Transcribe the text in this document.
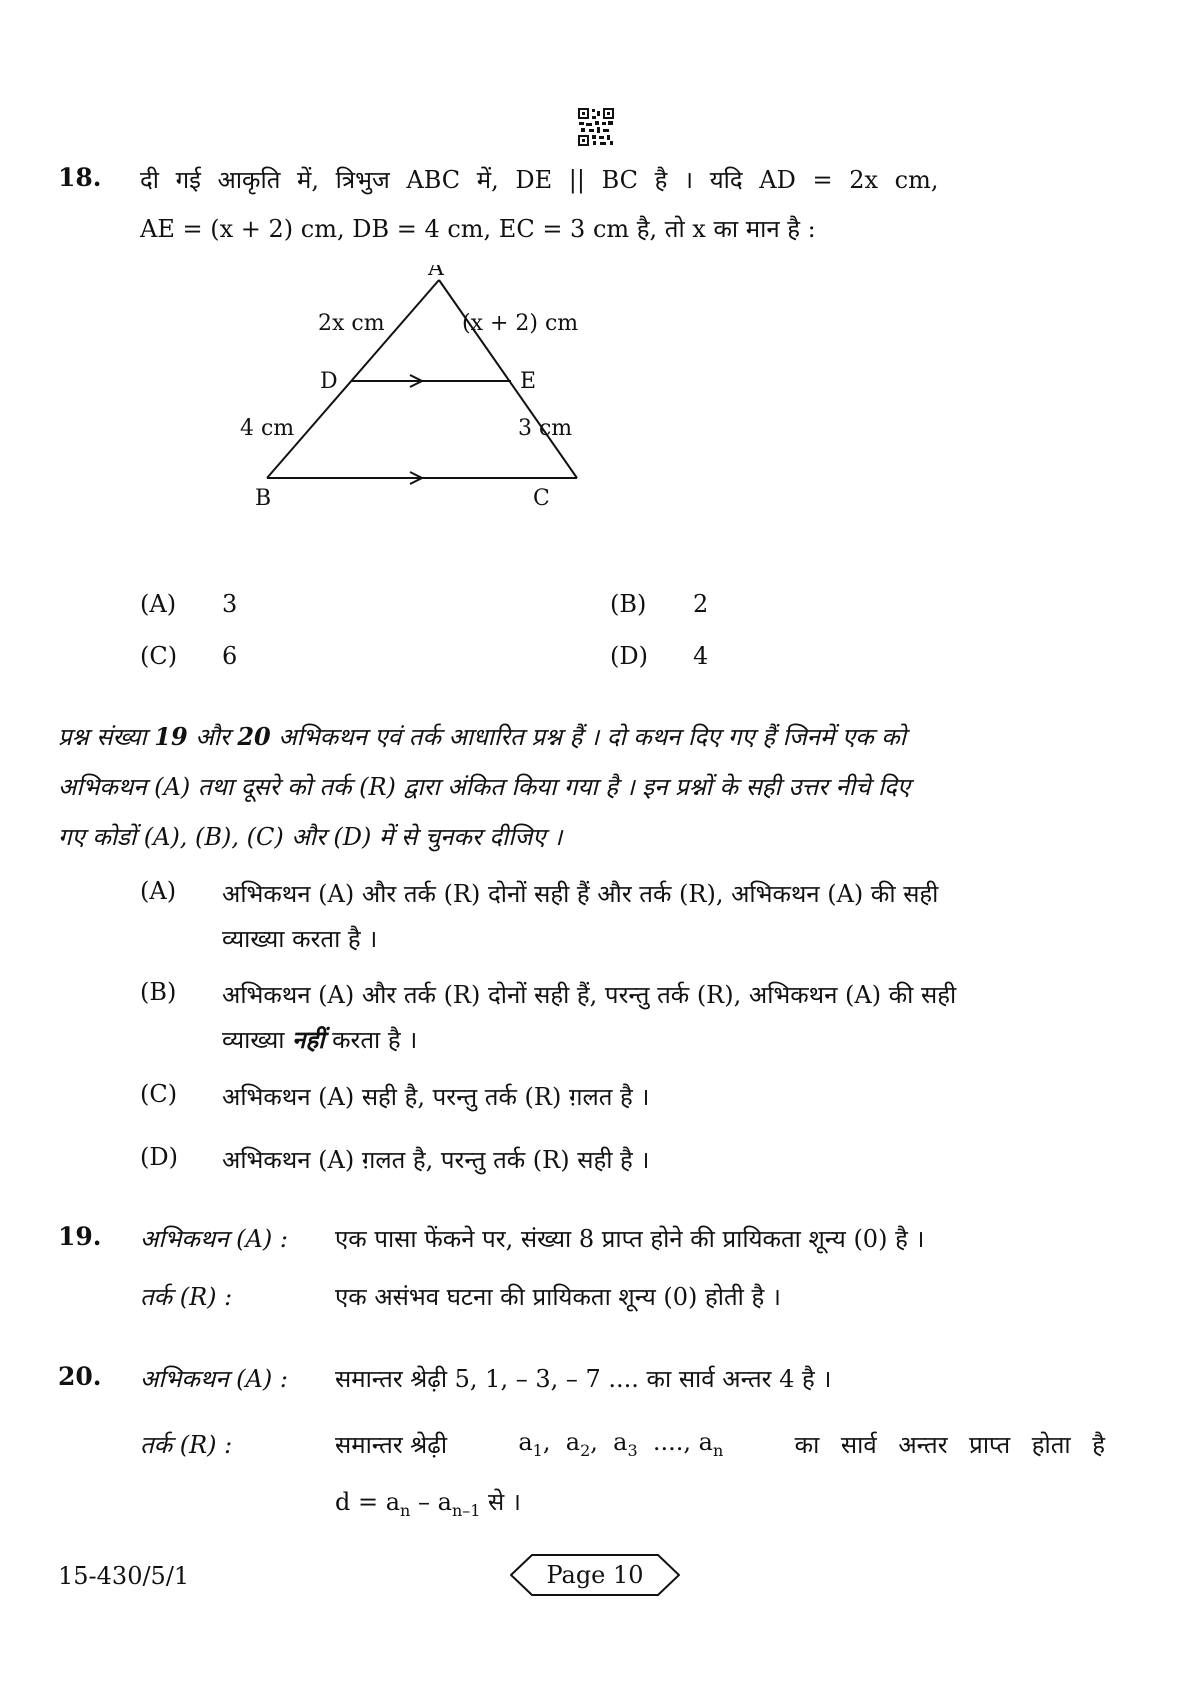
18. दी गई आकृति में, त्रिभुज ABC में, DE || BC है । यदि AD = 2x cm,
AE = (x + 2) cm, DB = 4 cm, EC = 3 cm है, तो x का मान है :
A
B	C
D	E
2x cm	(x + 2) cm
4 cm	3 cm
(A) 3	(B) 2
(C) 6	(D) 4
प्रश्न संख्या 19 और 20 अभिकथन एवं तर्क आधारित प्रश्न हैं । दो कथन दिए गए हैं जिनमें एक को
अभिकथन (A) तथा दूसरे को तर्क (R) द्वारा अंकित किया गया है । इन प्रश्नों के सही उत्तर नीचे दिए
गए कोडों (A), (B), (C) और (D) में से चुनकर दीजिए ।
(A) अभिकथन (A) और तर्क (R) दोनों सही हैं और तर्क (R), अभिकथन (A) की सही
व्याख्या करता है ।
(B) अभिकथन (A) और तर्क (R) दोनों सही हैं, परन्तु तर्क (R), अभिकथन (A) की सही
व्याख्या नहीं करता है ।
(C) अभिकथन (A) सही है, परन्तु तर्क (R) ग़लत है ।
(D) अभिकथन (A) ग़लत है, परन्तु तर्क (R) सही है ।
19. अभिकथन (A) : एक पासा फेंकने पर, संख्या 8 प्राप्त होने की प्रायिकता शून्य (0) है ।
तर्क (R) :	एक असंभव घटना की प्रायिकता शून्य (0) होती है ।
20. अभिकथन (A) : समान्तर श्रेढ़ी 5, 1, – 3, – 7 .... का सार्व अन्तर 4 है ।
तर्क (R) :	समान्तर श्रेढ़ी	$a_1$,  $a_2$,  $a_3$ ...., $a_n$	का सार्व अन्तर प्राप्त होता है
$d = a_n - a_{n-1}$ से ।
15-430/5/1	Page 10
